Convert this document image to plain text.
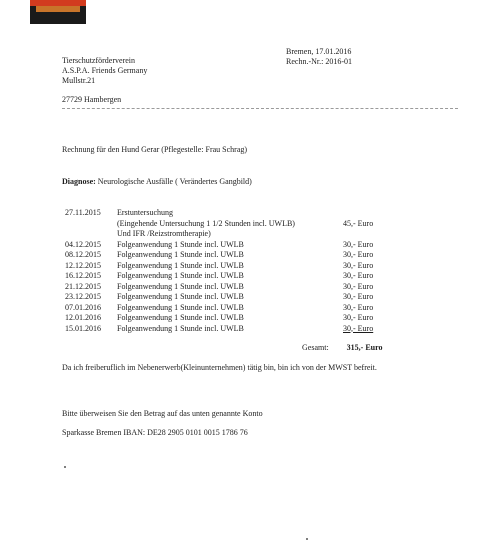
Tierschutzförderverein
A.S.P.A. Friends Germany
Mullstr.21
Bremen, 17.01.2016
Rechn.-Nr.: 2016-01
27729 Hambergen
Rechnung für den Hund Gerar (Pflegestelle: Frau Schrag)
Diagnose: Neurologische Ausfälle ( Verändertes Gangbild)
27.11.2015 Erstuntersuchung
(Eingehende Untersuchung 1 1/2 Stunden incl. UWLB)	45,- Euro
Und IFR /Reizstromtherapie)
04.12.2015 Folgeanwendung 1 Stunde incl. UWLB	30,- Euro
08.12.2015 Folgeanwendung 1 Stunde incl. UWLB	30,- Euro
12.12.2015 Folgeanwendung 1 Stunde incl. UWLB	30,- Euro
16.12.2015 Folgeanwendung 1 Stunde incl. UWLB	30,- Euro
21.12.2015 Folgeanwendung 1 Stunde incl. UWLB	30,- Euro
23.12.2015 Folgeanwendung 1 Stunde incl. UWLB	30,- Euro
07.01.2016 Folgeanwendung 1 Stunde incl. UWLB	30,- Euro
12.01.2016 Folgeanwendung 1 Stunde incl. UWLB	30,- Euro
15.01.2016 Folgeanwendung 1 Stunde incl. UWLB	30,- Euro
Gesamt: 315,- Euro
Da ich freiberuflich im Nebenerwerb(Kleinunternehmen) tätig bin, bin ich von der MWST befreit.
Bitte überweisen Sie den Betrag auf das unten genannte Konto
Sparkasse Bremen IBAN: DE28 2905 0101 0015 1786 76
